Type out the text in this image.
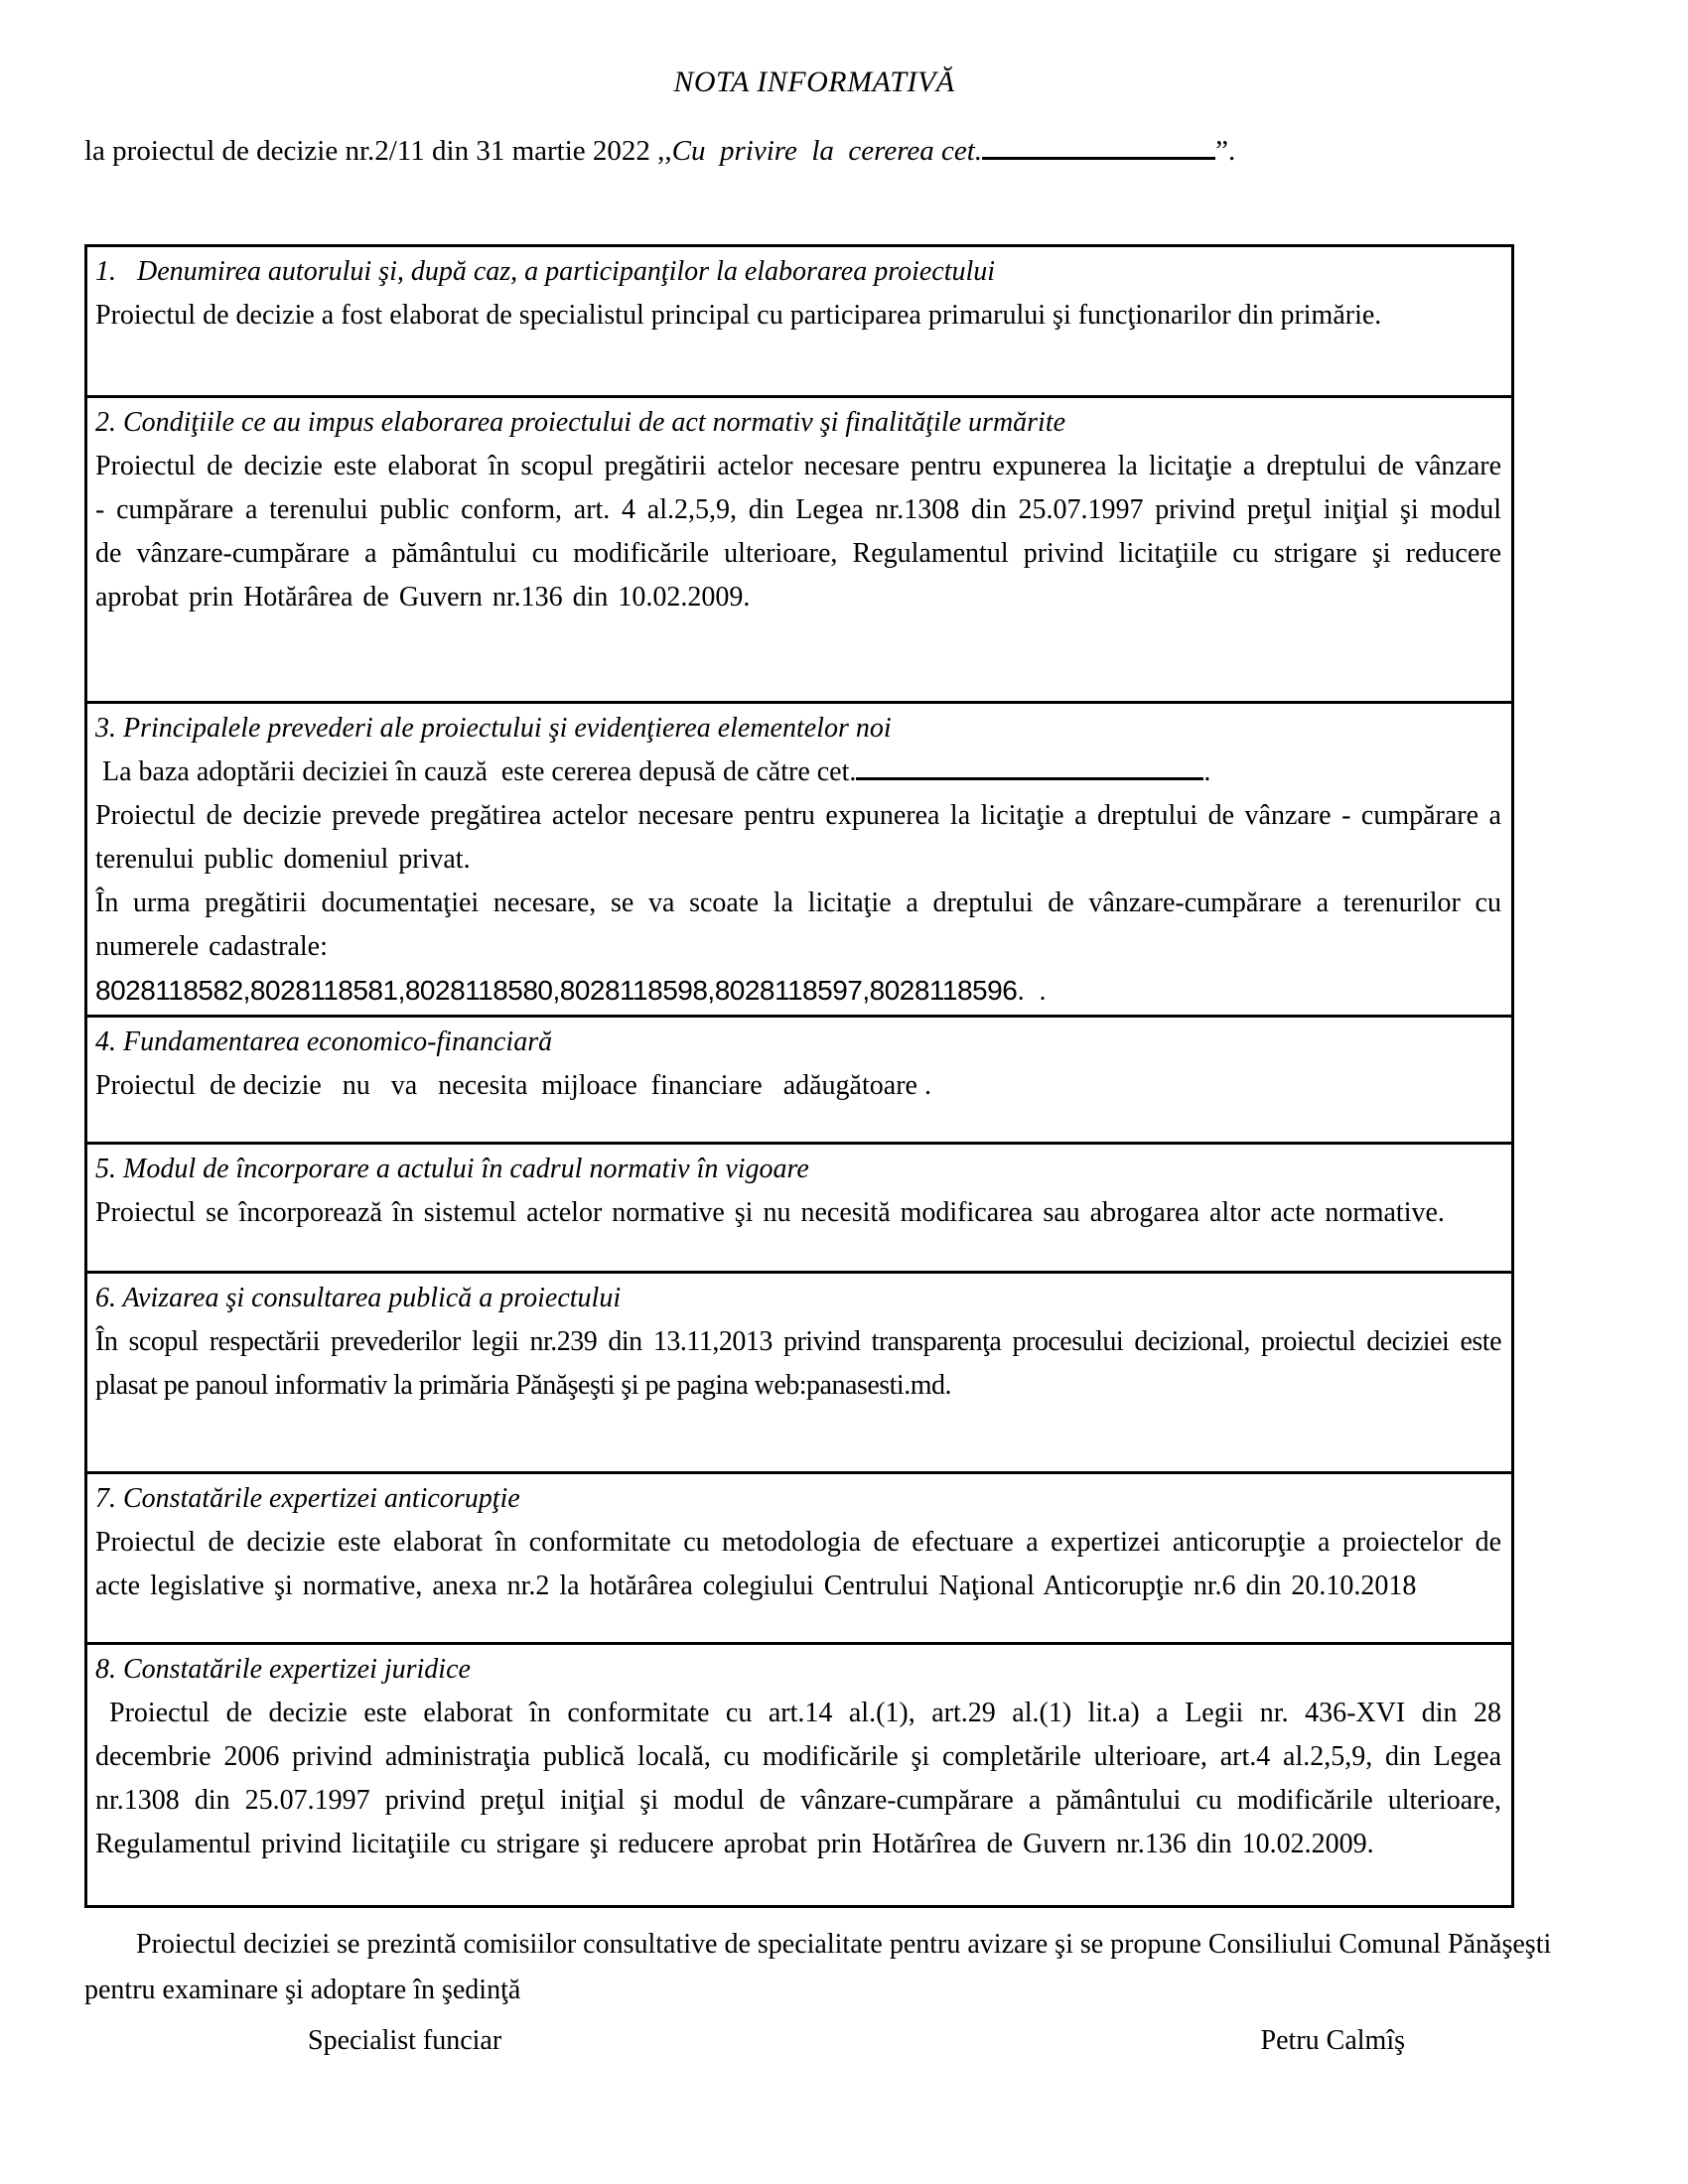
NOTA INFORMATIVĂ
la proiectul de decizie nr.2/11 din 31 martie 2022 ,,Cu  privire  la  cererea cet.	”.
1.   Denumirea autorului şi, după caz, a participanţilor la elaborarea proiectului

Proiectul de decizie a fost elaborat de specialistul principal cu participarea primarului şi funcţionarilor din primărie.

2. Condiţiile ce au impus elaborarea proiectului de act normativ şi finalităţile urmărite

Proiectul de decizie este elaborat în scopul pregătirii actelor necesare pentru expunerea la licitaţie a dreptului de vânzare - cumpărare a terenului public conform, art. 4 al.2,5,9, din Legea nr.1308 din 25.07.1997 privind preţul iniţial şi modul de vânzare-cumpărare a pământului cu modificările ulterioare, Regulamentul privind licitaţiile cu strigare şi reducere aprobat prin Hotărârea de Guvern nr.136 din 10.02.2009.

3. Principalele prevederi ale proiectului şi evidenţierea elementelor noi
La baza adoptării deciziei în cauză  este cererea depusă de către cet.	.

Proiectul de decizie prevede pregătirea actelor necesare pentru expunerea la licitaţie a dreptului de vânzare - cumpărare a terenului public domeniul privat.

În urma pregătirii documentaţiei necesare, se va scoate la licitaţie a dreptului de vânzare-cumpărare a terenurilor cu numerele cadastrale:

8028118582,8028118581,8028118580,8028118598,8028118597,8028118596.  .
4. Fundamentarea economico-financiară

Proiectul  de decizie   nu   va   necesita  mijloace  financiare   adăugătoare .

5. Modul de încorporare a actului în cadrul normativ în vigoare

Proiectul se încorporează în sistemul actelor normative şi nu necesită modificarea sau abrogarea altor acte normative.

6. Avizarea şi consultarea publică a proiectului

În scopul respectării prevederilor legii nr.239 din 13.11,2013 privind transparenţa procesului decizional, proiectul deciziei este plasat pe panoul informativ la primăria Pănăşeşti şi pe pagina web:panasesti.md.

7. Constatările expertizei anticorupţie

Proiectul de decizie este elaborat în conformitate cu metodologia de efectuare a expertizei anticorupţie a proiectelor de acte legislative şi normative, anexa nr.2 la hotărârea colegiului Centrului Naţional Anticorupţie nr.6 din 20.10.2018

8. Constatările expertizei juridice

Proiectul de decizie este elaborat în conformitate cu art.14 al.(1), art.29 al.(1) lit.a) a Legii nr. 436-XVI din 28 decembrie 2006 privind administraţia publică locală, cu modificările şi completările ulterioare, art.4 al.2,5,9, din Legea nr.1308 din 25.07.1997 privind preţul iniţial şi modul de vânzare-cumpărare a pământului cu modificările ulterioare, Regulamentul privind licitaţiile cu strigare şi reducere aprobat prin Hotărîrea de Guvern nr.136 din 10.02.2009.

Proiectul deciziei se prezintă comisiilor consultative de specialitate pentru avizare şi se propune Consiliului Comunal Pănăşeşti pentru examinare şi adoptare în şedinţă
Specialist funciar	Petru Calmîş
